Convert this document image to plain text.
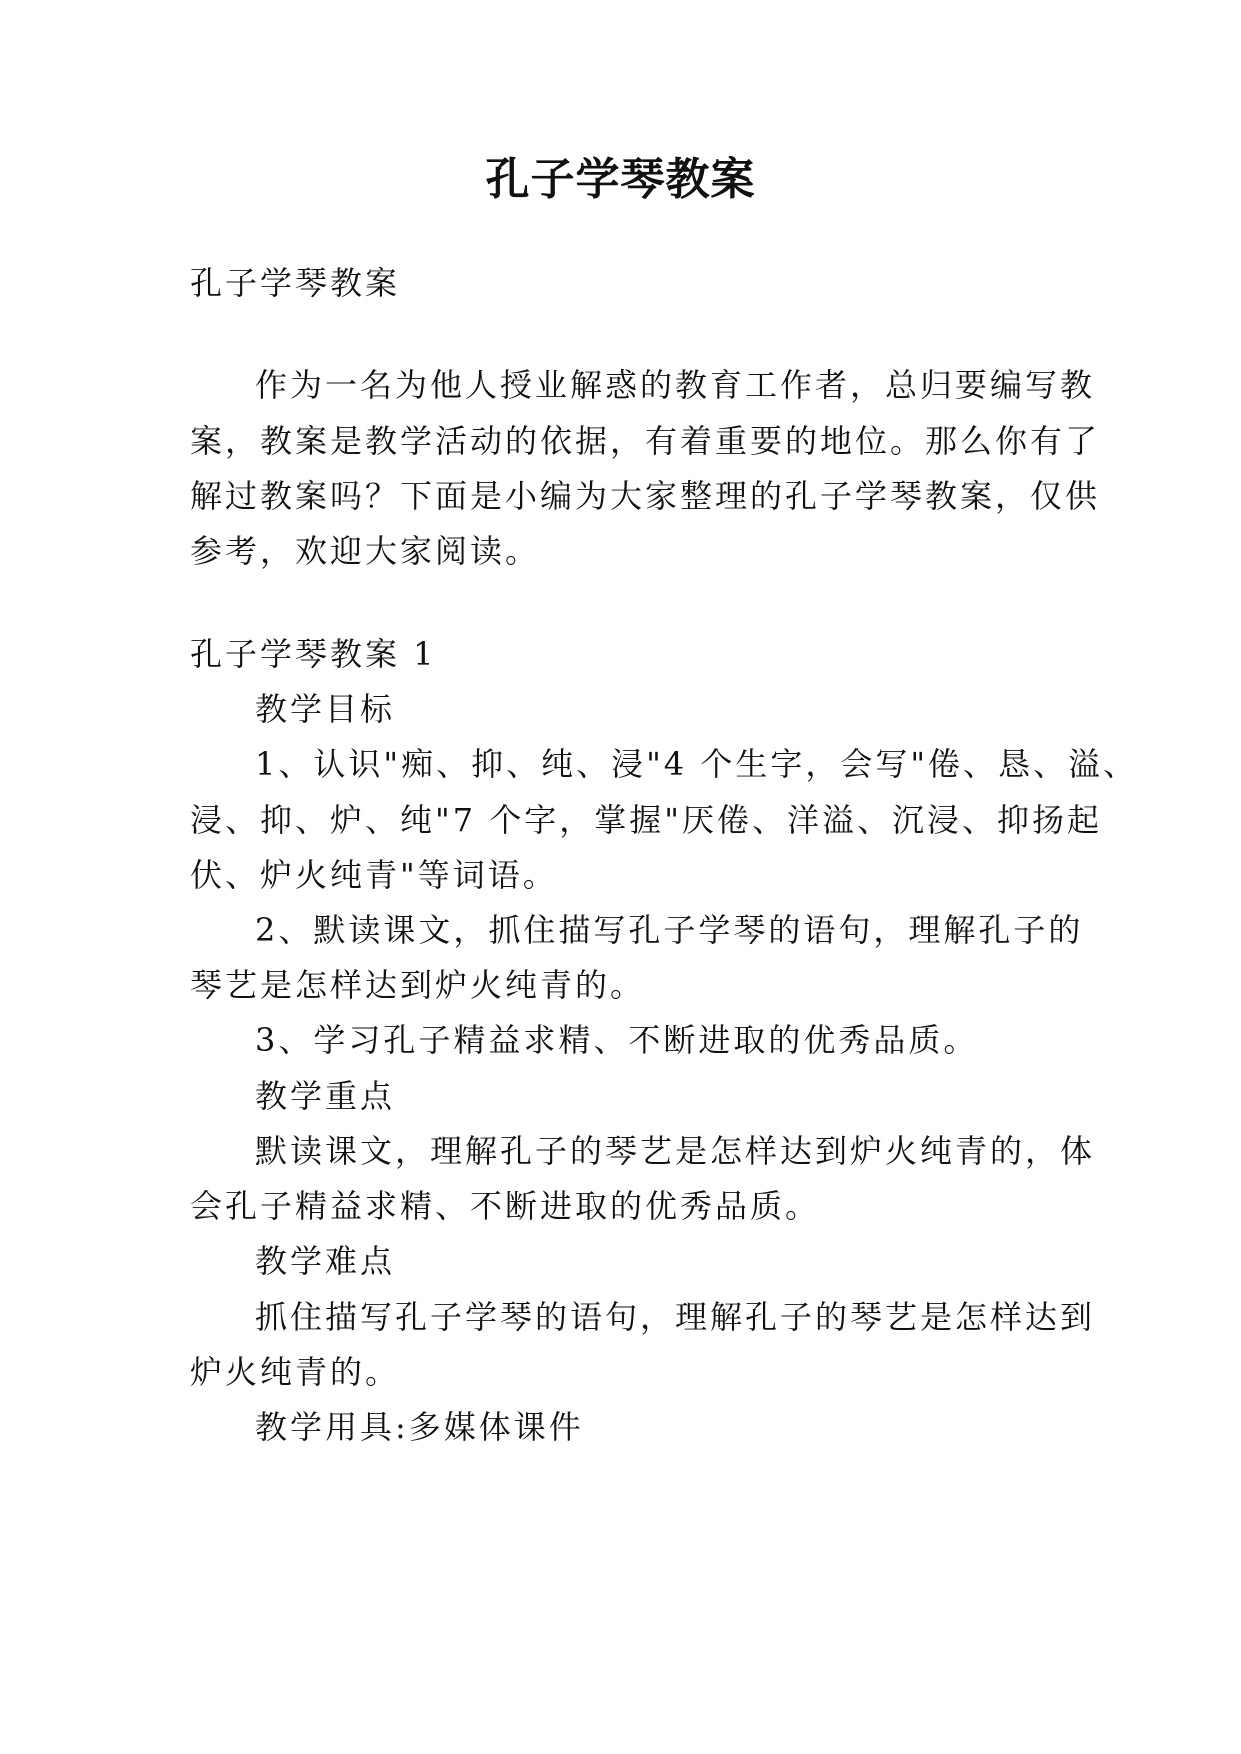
孔子学琴教案

孔子学琴教案

作为一名为他人授业解惑的教育工作者，总归要编写教

案，教案是教学活动的依据，有着重要的地位。那么你有了

解过教案吗？下面是小编为大家整理的孔子学琴教案，仅供

参考，欢迎大家阅读。

孔子学琴教案 1

教学目标

1、认识"痴、抑、纯、浸"4 个生字，会写"倦、恳、溢、

浸、抑、炉、纯"7 个字，掌握"厌倦、洋溢、沉浸、抑扬起

伏、炉火纯青"等词语。

2、默读课文，抓住描写孔子学琴的语句，理解孔子的

琴艺是怎样达到炉火纯青的。

3、学习孔子精益求精、不断进取的优秀品质。

教学重点

默读课文，理解孔子的琴艺是怎样达到炉火纯青的，体

会孔子精益求精、不断进取的优秀品质。

教学难点

抓住描写孔子学琴的语句，理解孔子的琴艺是怎样达到

炉火纯青的。

教学用具:多媒体课件
